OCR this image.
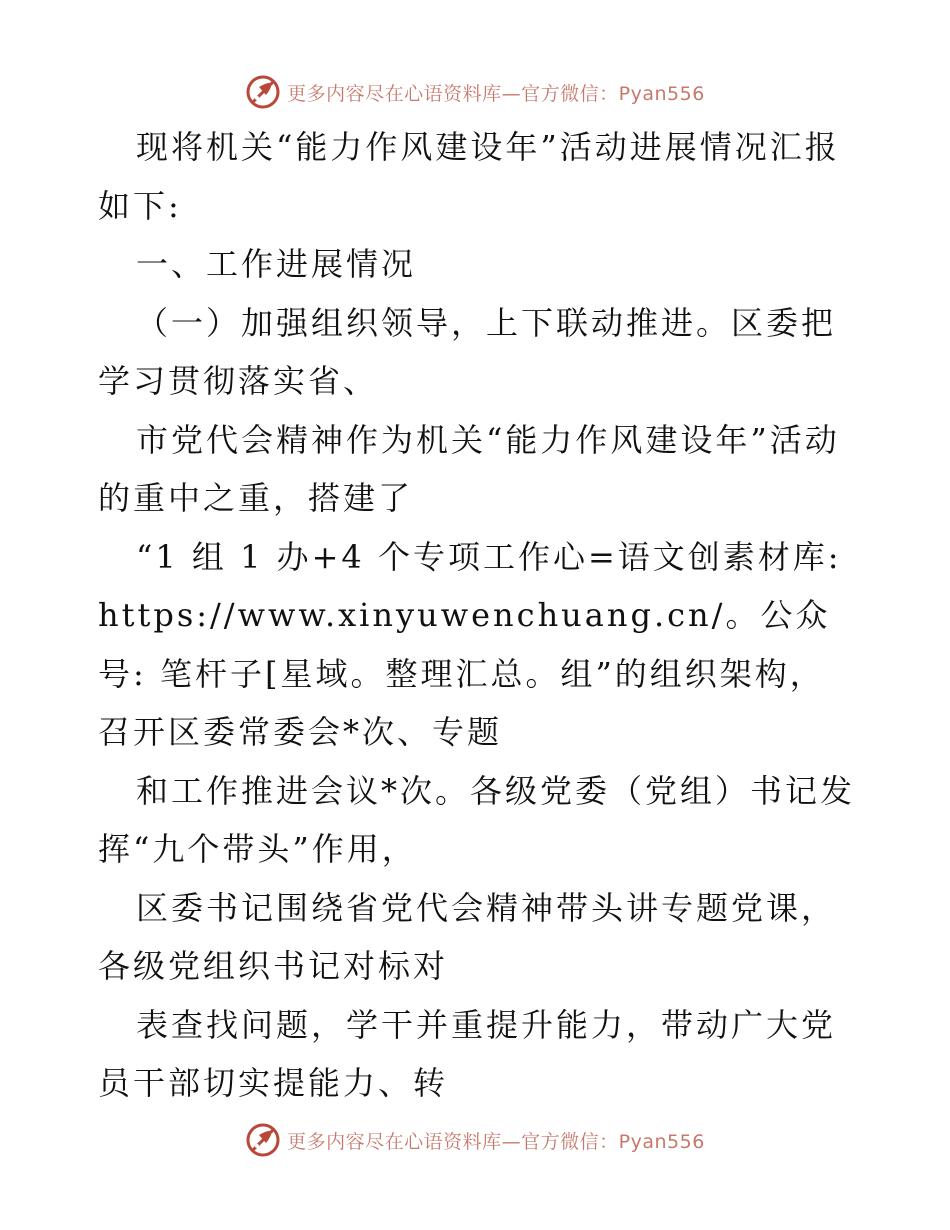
更多内容尽在心语资料库—官方微信：Pyan556

现将机关“能力作风建设年”活动进展情况汇报如下:

一、工作进展情况

（一）加强组织领导，上下联动推进。区委把学习贯彻落实省、

市党代会精神作为机关“能力作风建设年”活动的重中之重，搭建了

“1 组 1 办+4 个专项工作心=语文创素材库:https://www.xinyuwenchuang.cn/。公众号: 笔杆子[星域。整理汇总。组”的组织架构，召开区委常委会*次、专题

和工作推进会议*次。各级党委（党组）书记发挥“九个带头”作用，

区委书记围绕省党代会精神带头讲专题党课，各级党组织书记对标对

表查找问题，学干并重提升能力，带动广大党员干部切实提能力、转

更多内容尽在心语资料库—官方微信：Pyan556
